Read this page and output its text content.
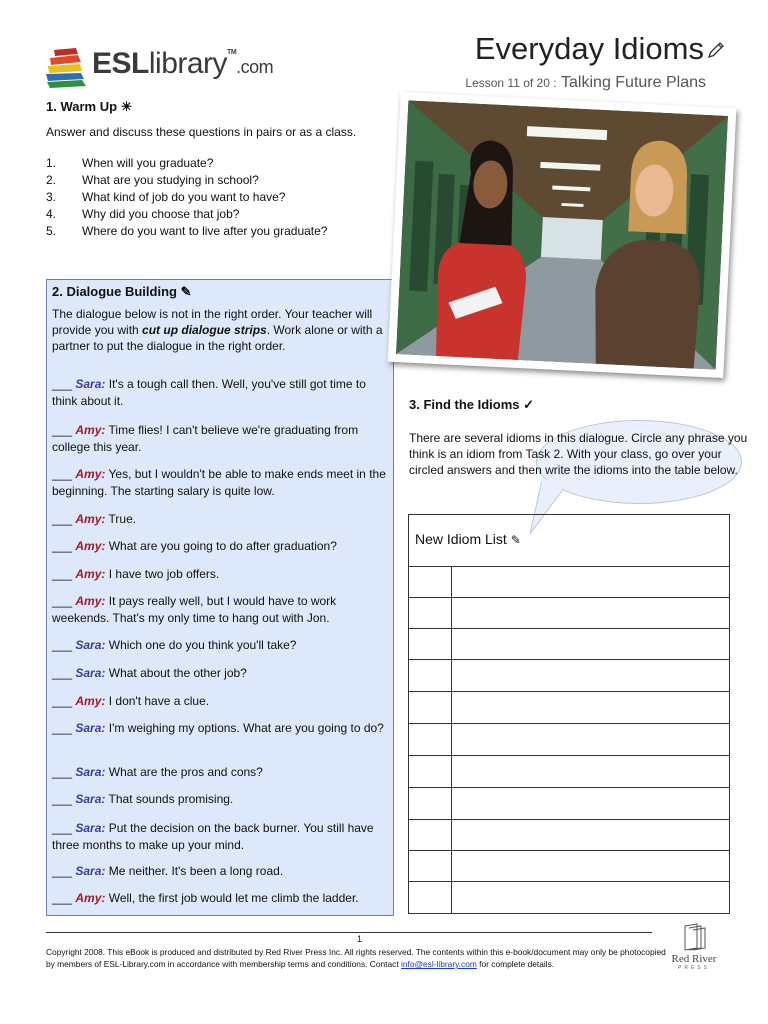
ESLlibrary™.com
Everyday Idioms
Lesson 11 of 20 : Talking Future Plans
1. Warm Up ☀
Answer and discuss these questions in pairs or as a class.
1.	When will you graduate?
2.	What are you studying in school?
3.	What kind of job do you want to have?
4.	Why did you choose that job?
5.	Where do you want to live after you graduate?
2. Dialogue Building ✎
The dialogue below is not in the right order. Your teacher will provide you with cut up dialogue strips. Work alone or with a partner to put the dialogue in the right order.
___ Sara: It's a tough call then. Well, you've still got time to think about it.
___ Amy: Time flies! I can't believe we're graduating from college this year.
___ Amy: Yes, but I wouldn't be able to make ends meet in the beginning. The starting salary is quite low.
___ Amy: True.
___ Amy: What are you going to do after graduation?
___ Amy: I have two job offers.
___ Amy: It pays really well, but I would have to work weekends. That's my only time to hang out with Jon.
___ Sara: Which one do you think you'll take?
___ Sara: What about the other job?
___ Amy: I don't have a clue.
___ Sara: I'm weighing my options. What are you going to do?
___ Sara: What are the pros and cons?
___ Sara: That sounds promising.
___ Sara: Put the decision on the back burner. You still have three months to make up your mind.
___ Sara: Me neither. It's been a long road.
___ Amy: Well, the first job would let me climb the ladder.
3. Find the Idioms ✓
There are several idioms in this dialogue. Circle any phrase you think is an idiom from Task 2. With your class, go over your circled answers and then write the idioms into the table below.
New Idiom List ✎
1
Copyright 2008. This eBook is produced and distributed by Red River Press Inc. All rights reserved. The contents within this e-book/document may only be photocopied by members of ESL-Library.com in accordance with membership terms and conditions. Contact info@esl-library.com for complete details.	Red River
PRESS
